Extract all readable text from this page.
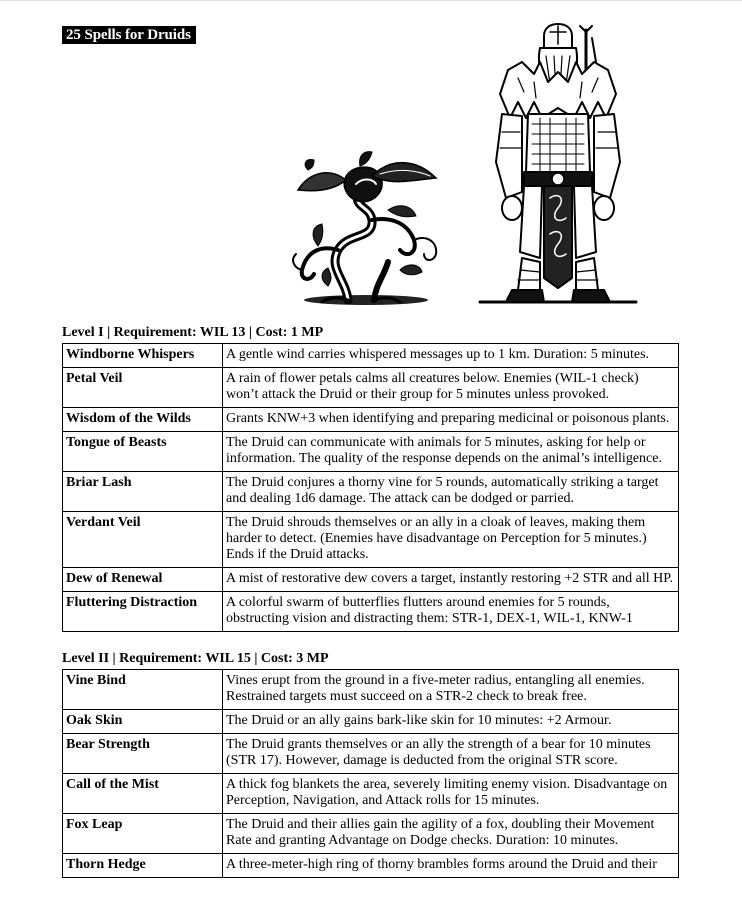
25 Spells for Druids
Level I | Requirement: WIL 13 | Cost: 1 MP
Windborne Whispers	A gentle wind carries whispered messages up to 1 km. Duration: 5 minutes.
Petal Veil	A rain of flower petals calms all creatures below. Enemies (WIL-1 check) won’t attack the Druid or their group for 5 minutes unless provoked.
Wisdom of the Wilds	Grants KNW+3 when identifying and preparing medicinal or poisonous plants.
Tongue of Beasts	The Druid can communicate with animals for 5 minutes, asking for help or information. The quality of the response depends on the animal’s intelligence.
Briar Lash	The Druid conjures a thorny vine for 5 rounds, automatically striking a target and dealing 1d6 damage. The attack can be dodged or parried.
Verdant Veil	The Druid shrouds themselves or an ally in a cloak of leaves, making them harder to detect. (Enemies have disadvantage on Perception for 5 minutes.) Ends if the Druid attacks.
Dew of Renewal	A mist of restorative dew covers a target, instantly restoring +2 STR and all HP.
Fluttering Distraction	A colorful swarm of butterflies flutters around enemies for 5 rounds, obstructing vision and distracting them: STR-1, DEX-1, WIL-1, KNW-1
Level II | Requirement: WIL 15 | Cost: 3 MP
Vine Bind	Vines erupt from the ground in a five-meter radius, entangling all enemies. Restrained targets must succeed on a STR-2 check to break free.
Oak Skin	The Druid or an ally gains bark-like skin for 10 minutes: +2 Armour.
Bear Strength	The Druid grants themselves or an ally the strength of a bear for 10 minutes (STR 17). However, damage is deducted from the original STR score.
Call of the Mist	A thick fog blankets the area, severely limiting enemy vision. Disadvantage on Perception, Navigation, and Attack rolls for 15 minutes.
Fox Leap	The Druid and their allies gain the agility of a fox, doubling their Movement Rate and granting Advantage on Dodge checks. Duration: 10 minutes.
Thorn Hedge	A three-meter-high ring of thorny brambles forms around the Druid and their
